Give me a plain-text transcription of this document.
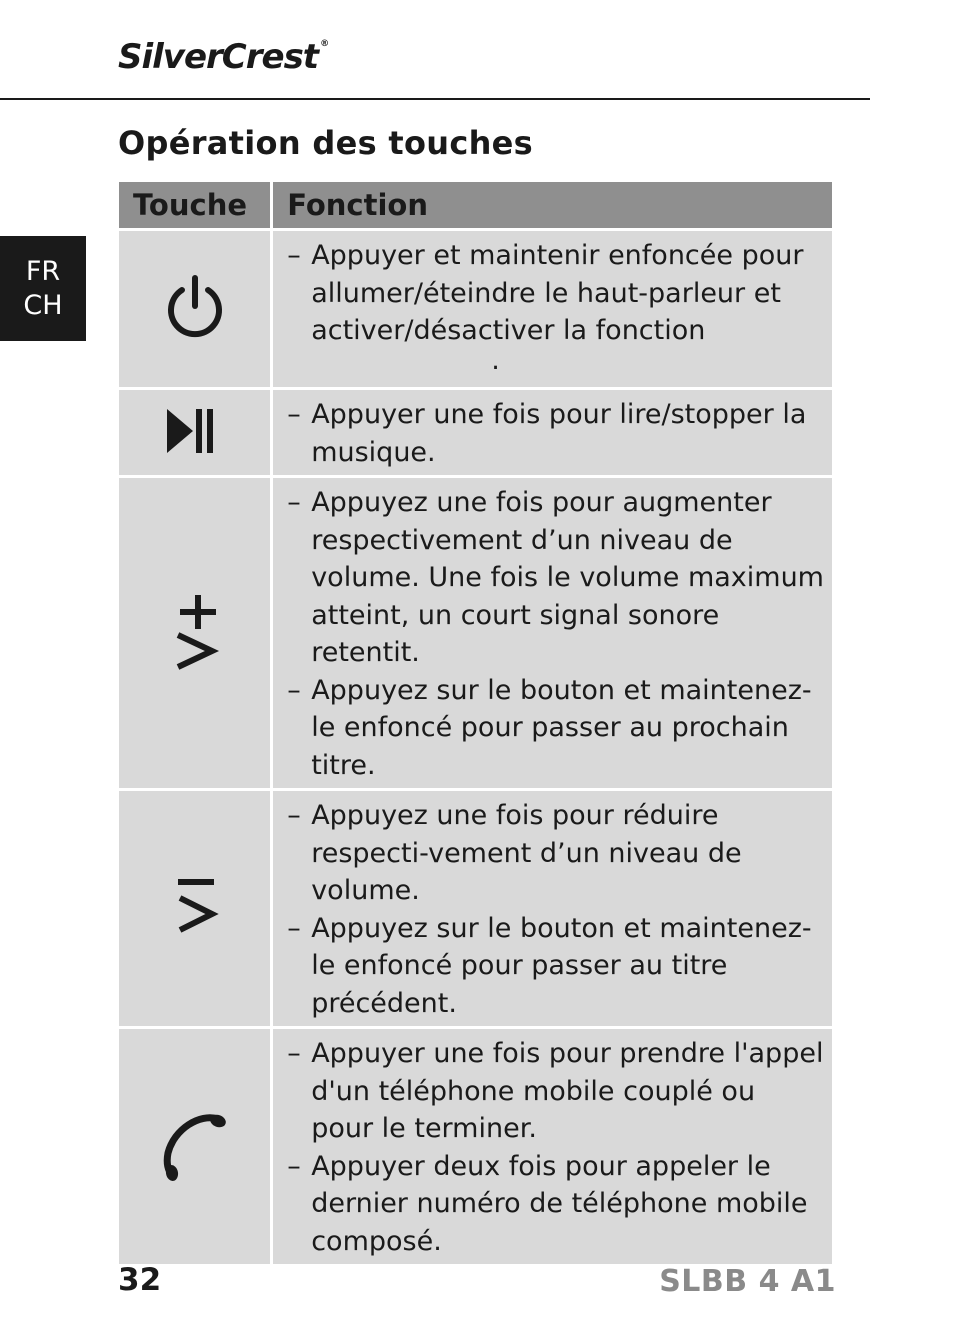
SilverCrest ®
FR
CH
Opération des touches
Touche	Fonction

– Appuyer et maintenir enfoncée pour allumer/éteindre le haut-parleur et activer/désactiver la fonction
.

– Appuyer une fois pour lire/stopper la musique.

– Appuyez une fois pour augmenter respectivement d’un niveau de volume. Une fois le volume maximum atteint, un court signal sonore retentit.
– Appuyez sur le bouton et maintenez-le enfoncé pour passer au prochain titre.

– Appuyez une fois pour réduire respecti-vement d’un niveau de volume.
– Appuyez sur le bouton et maintenez-le enfoncé pour passer au titre précédent.

– Appuyer une fois pour prendre l'appel d'un téléphone mobile couplé ou pour le terminer.
– Appuyer deux fois pour appeler le dernier numéro de téléphone mobile composé.
32	SLBB 4 A1
